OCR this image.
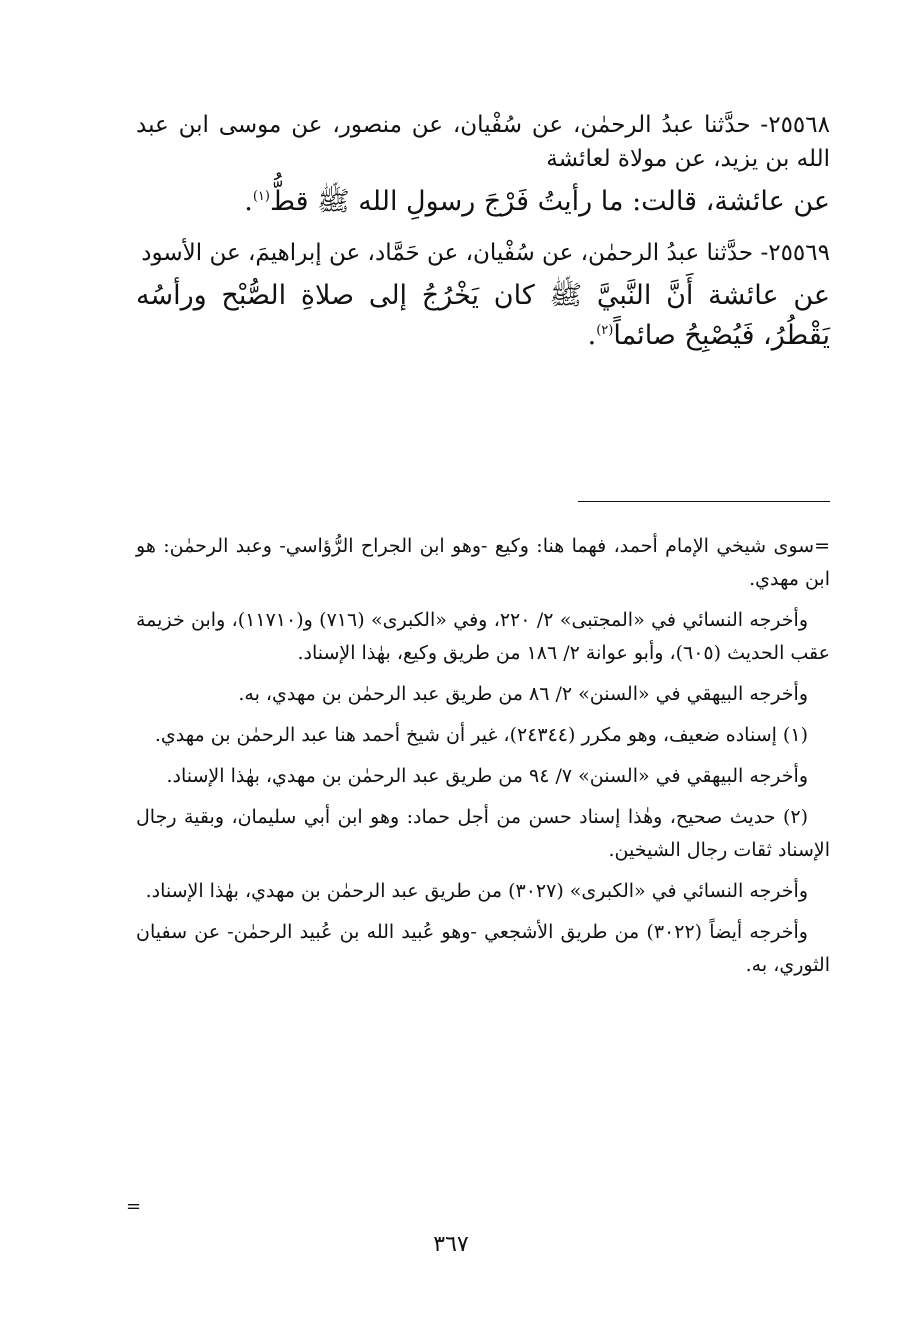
٢٥٥٦٨- حدَّثنا عبدُ الرحمٰن، عن سُفْيان، عن منصور، عن موسى ابن عبد الله بن يزيد، عن مولاة لعائشة

عن عائشة، قالت: ما رأيتُ فَرْجَ رسولِ الله ﷺ قطُّ$^{(١)}$.

٢٥٥٦٩- حدَّثنا عبدُ الرحمٰن، عن سُفْيان، عن حَمَّاد، عن إبراهيمَ، عن الأسود

عن عائشة أَنَّ النَّبيَّ ﷺ كان يَخْرُجُ إلى صلاةِ الصُّبْح ورأسُه يَقْطُرُ، فَيُصْبِحُ صائماً$^{(٢)}$.

=سوى شيخي الإمام أحمد، فهما هنا: وكيع -وهو ابن الجراح الرُّؤاسي- وعبد الرحمٰن: هو ابن مهدي.

وأخرجه النسائي في «المجتبى» ٢/ ٢٢٠، وفي «الكبرى» (٧١٦) و(١١٧١٠)، وابن خزيمة عقب الحديث (٦٠٥)، وأبو عوانة ٢/ ١٨٦ من طريق وكيع، بهٰذا الإسناد.

وأخرجه البيهقي في «السنن» ٢/ ٨٦ من طريق عبد الرحمٰن بن مهدي، به.

(١) إسناده ضعيف، وهو مكرر (٢٤٣٤٤)، غير أن شيخ أحمد هنا عبد الرحمٰن بن مهدي.

وأخرجه البيهقي في «السنن» ٧/ ٩٤ من طريق عبد الرحمٰن بن مهدي، بهٰذا الإسناد.

(٢) حديث صحيح، وهٰذا إسناد حسن من أجل حماد: وهو ابن أبي سليمان، وبقية رجال الإسناد ثقات رجال الشيخين.

وأخرجه النسائي في «الكبرى» (٣٠٢٧) من طريق عبد الرحمٰن بن مهدي، بهٰذا الإسناد.

وأخرجه أيضاً (٣٠٢٢) من طريق الأشجعي -وهو عُبيد الله بن عُبيد الرحمٰن- عن سفيان الثوري، به.

=
٣٦٧
